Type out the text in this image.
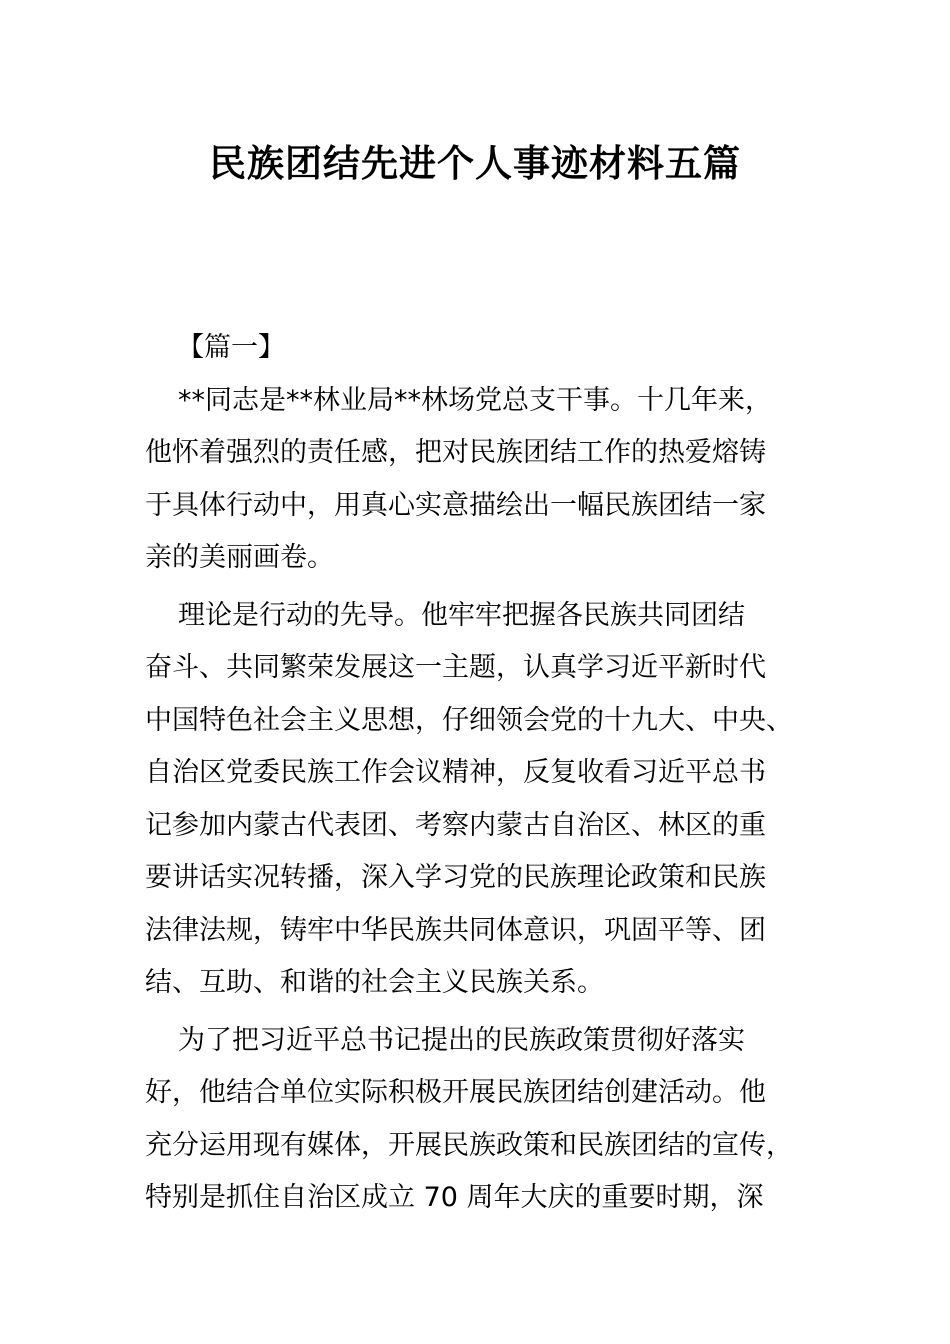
民族团结先进个人事迹材料五篇
【篇一】

**同志是**林业局**林场党总支干事。十几年来，
他怀着强烈的责任感，把对民族团结工作的热爱熔铸
于具体行动中，用真心实意描绘出一幅民族团结一家
亲的美丽画卷。

理论是行动的先导。他牢牢把握各民族共同团结
奋斗、共同繁荣发展这一主题，认真学习近平新时代
中国特色社会主义思想，仔细领会党的十九大、中央、
自治区党委民族工作会议精神，反复收看习近平总书
记参加内蒙古代表团、考察内蒙古自治区、林区的重
要讲话实况转播，深入学习党的民族理论政策和民族
法律法规，铸牢中华民族共同体意识，巩固平等、团
结、互助、和谐的社会主义民族关系。

为了把习近平总书记提出的民族政策贯彻好落实
好，他结合单位实际积极开展民族团结创建活动。他
充分运用现有媒体，开展民族政策和民族团结的宣传，
特别是抓住自治区成立 70 周年大庆的重要时期，深
